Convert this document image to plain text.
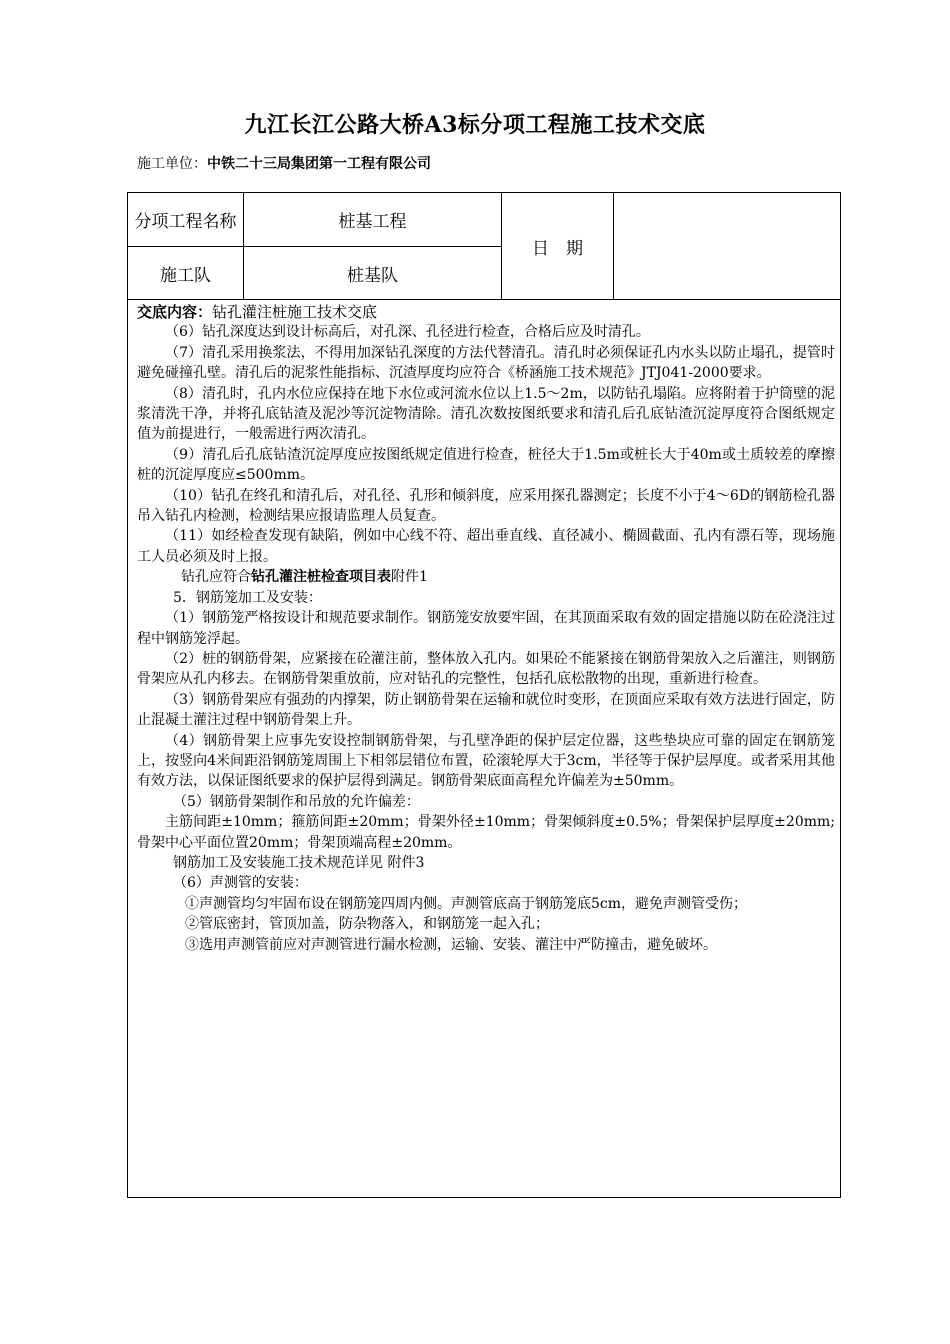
九江长江公路大桥A3标分项工程施工技术交底
施工单位：中铁二十三局集团第一工程有限公司
分项工程名称	桩基工程
施工队	桩基队
日　期

交底内容：钻孔灌注桩施工技术交底

（6）钻孔深度达到设计标高后，对孔深、孔径进行检查，合格后应及时清孔。

（7）清孔采用换浆法，不得用加深钻孔深度的方法代替清孔。清孔时必须保证孔内水头以防止塌孔，提管时避免碰撞孔壁。清孔后的泥浆性能指标、沉渣厚度均应符合《桥涵施工技术规范》JTJ041-2000要求。

（8）清孔时，孔内水位应保持在地下水位或河流水位以上1.5～2m，以防钻孔塌陷。应将附着于护筒壁的泥浆清洗干净，并将孔底钻渣及泥沙等沉淀物清除。清孔次数按图纸要求和清孔后孔底钻渣沉淀厚度符合图纸规定值为前提进行，一般需进行两次清孔。

（9）清孔后孔底钻渣沉淀厚度应按图纸规定值进行检查，桩径大于1.5m或桩长大于40m或土质较差的摩擦桩的沉淀厚度应≤500mm。

（10）钻孔在终孔和清孔后，对孔径、孔形和倾斜度，应采用探孔器测定；长度不小于4～6D的钢筋检孔器吊入钻孔内检测，检测结果应报请监理人员复查。

（11）如经检查发现有缺陷，例如中心线不符、超出垂直线、直径减小、椭圆截面、孔内有漂石等，现场施工人员必须及时上报。

钻孔应符合钻孔灌注桩检查项目表附件1

5．钢筋笼加工及安装：

（1）钢筋笼严格按设计和规范要求制作。钢筋笼安放要牢固，在其顶面采取有效的固定措施以防在砼浇注过程中钢筋笼浮起。

（2）桩的钢筋骨架，应紧接在砼灌注前，整体放入孔内。如果砼不能紧接在钢筋骨架放入之后灌注，则钢筋骨架应从孔内移去。在钢筋骨架重放前，应对钻孔的完整性，包括孔底松散物的出现，重新进行检查。

（3）钢筋骨架应有强劲的内撑架，防止钢筋骨架在运输和就位时变形，在顶面应采取有效方法进行固定，防止混凝土灌注过程中钢筋骨架上升。

（4）钢筋骨架上应事先安设控制钢筋骨架，与孔壁净距的保护层定位器，这些垫块应可靠的固定在钢筋笼上，按竖向4米间距沿钢筋笼周围上下相邻层错位布置，砼滚轮厚大于3cm，半径等于保护层厚度。或者采用其他有效方法，以保证图纸要求的保护层得到满足。钢筋骨架底面高程允许偏差为±50mm。

（5）钢筋骨架制作和吊放的允许偏差：

主筋间距±10mm；箍筋间距±20mm；骨架外径±10mm；骨架倾斜度±0.5%；骨架保护层厚度±20mm;骨架中心平面位置20mm；骨架顶端高程±20mm。

钢筋加工及安装施工技术规范详见 附件3

（6）声测管的安装：

①声测管均匀牢固布设在钢筋笼四周内侧。声测管底高于钢筋笼底5cm，避免声测管受伤；

②管底密封，管顶加盖，防杂物落入，和钢筋笼一起入孔；

③选用声测管前应对声测管进行漏水检测，运输、安装、灌注中严防撞击，避免破坏。
